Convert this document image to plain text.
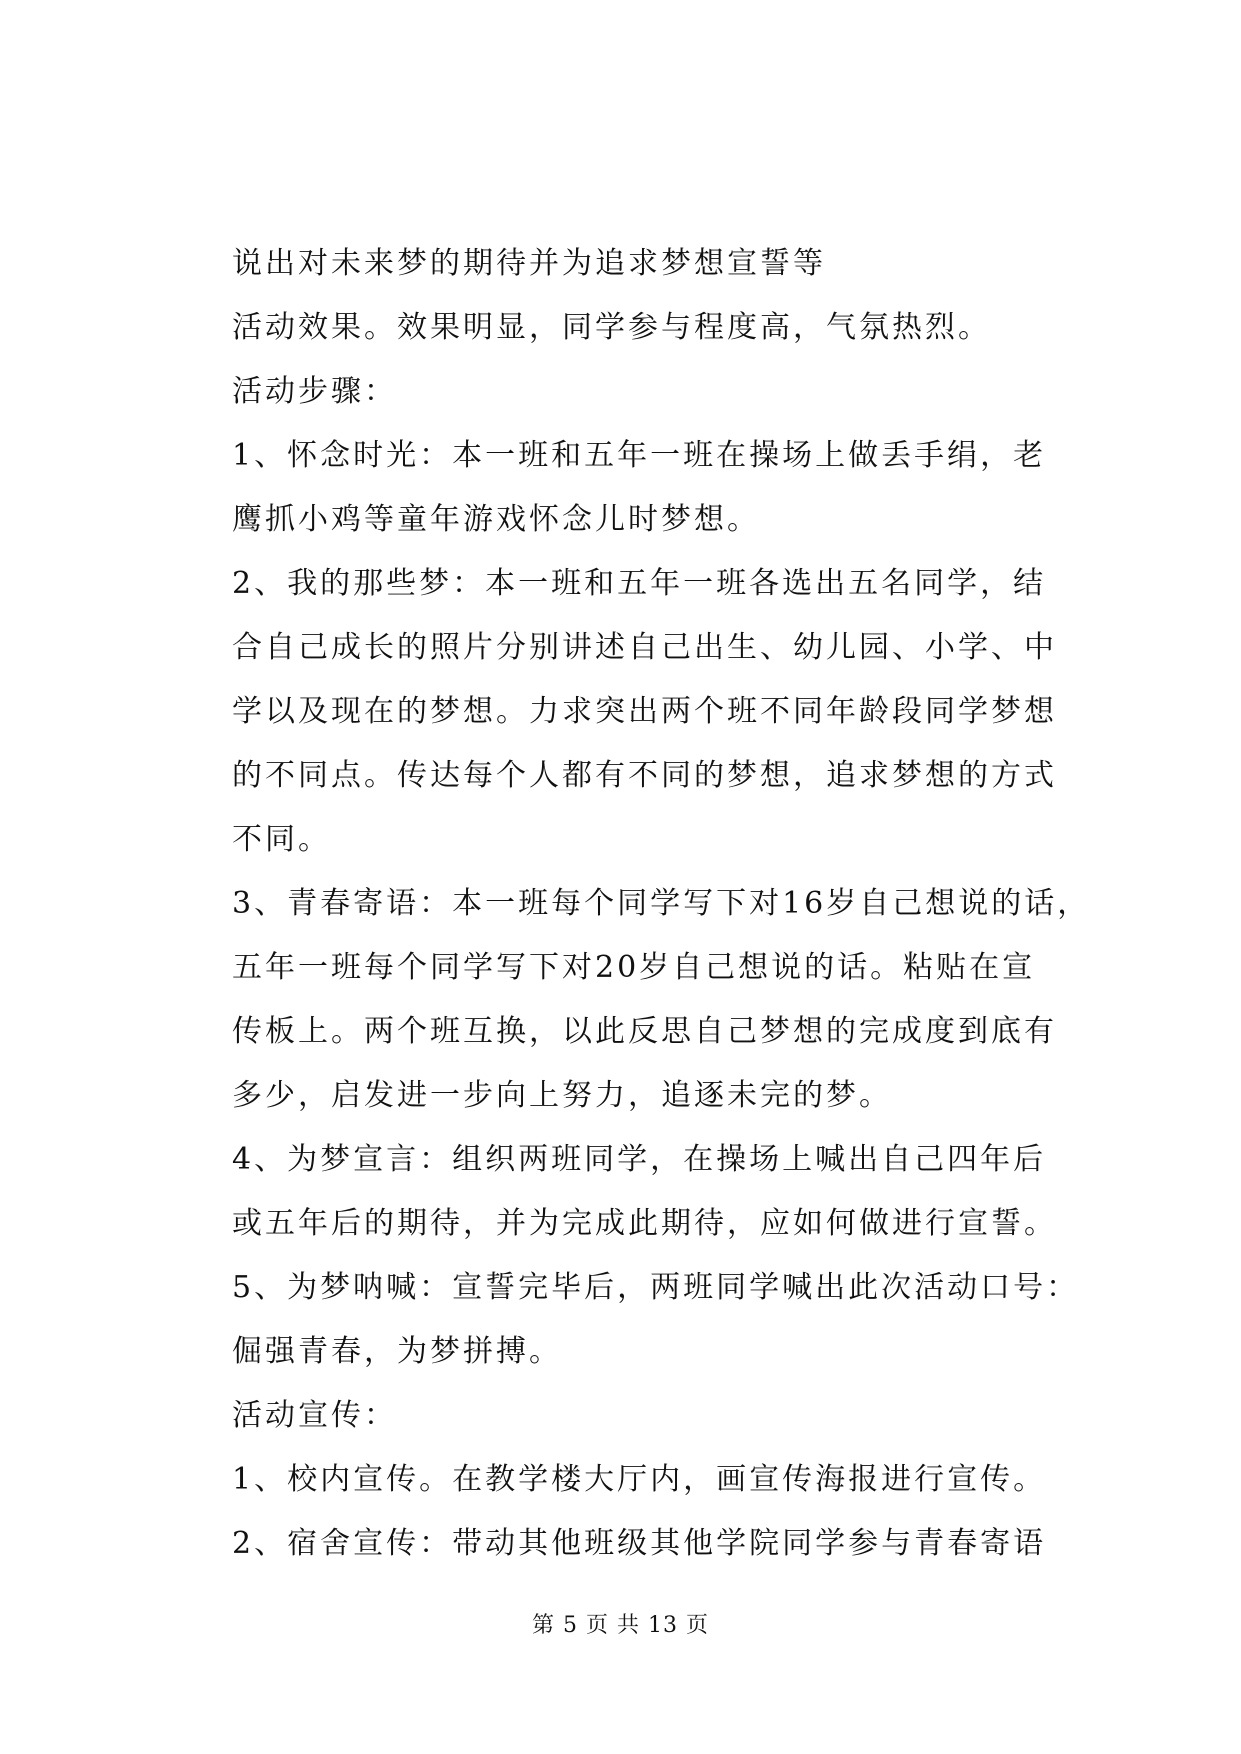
说出对未来梦的期待并为追求梦想宣誓等
活动效果。效果明显，同学参与程度高，气氛热烈。
活动步骤：
1、怀念时光：本一班和五年一班在操场上做丢手绢，老
鹰抓小鸡等童年游戏怀念儿时梦想。
2、我的那些梦：本一班和五年一班各选出五名同学，结
合自己成长的照片分别讲述自己出生、幼儿园、小学、中
学以及现在的梦想。力求突出两个班不同年龄段同学梦想
的不同点。传达每个人都有不同的梦想，追求梦想的方式
不同。
3、青春寄语：本一班每个同学写下对16岁自己想说的话，
五年一班每个同学写下对20岁自己想说的话。粘贴在宣
传板上。两个班互换，以此反思自己梦想的完成度到底有
多少，启发进一步向上努力，追逐未完的梦。
4、为梦宣言：组织两班同学，在操场上喊出自己四年后
或五年后的期待，并为完成此期待，应如何做进行宣誓。
5、为梦呐喊：宣誓完毕后，两班同学喊出此次活动口号：
倔强青春，为梦拼搏。
活动宣传：
1、校内宣传。在教学楼大厅内，画宣传海报进行宣传。
2、宿舍宣传：带动其他班级其他学院同学参与青春寄语
第 5 页 共 13 页
